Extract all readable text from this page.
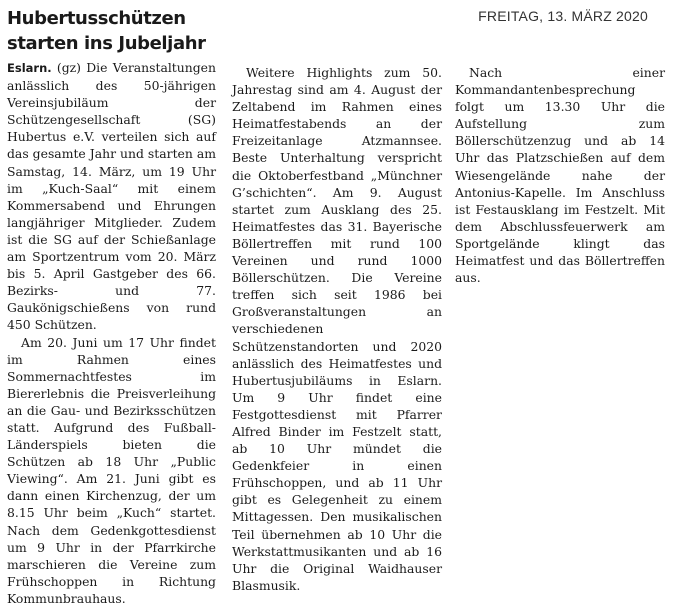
Hubertusschützen
starten ins Jubeljahr
FREITAG, 13. MÄRZ 2020

Eslarn. (gz) Die Veranstaltungen anlässlich des 50-jährigen Vereinsjubiläum der Schützengesellschaft (SG) Hubertus e.V. verteilen sich auf das gesamte Jahr und starten am Samstag, 14. März, um 19 Uhr im „Kuch-Saal“ mit einem Kommersabend und Ehrungen langjähriger Mitglieder. Zudem ist die SG auf der Schießanlage am Sportzentrum vom 20. März bis 5. April Gastgeber des 66. Bezirks- und 77. Gaukönigschießens von rund 450 Schützen.

Am 20. Juni um 17 Uhr findet im Rahmen eines Sommernachtfestes im Biererlebnis die Preisverleihung an die Gau- und Bezirksschützen statt. Aufgrund des Fußball-Länderspiels bieten die Schützen ab 18 Uhr „Public Viewing“. Am 21. Juni gibt es dann einen Kirchenzug, der um 8.15 Uhr beim „Kuch“ startet. Nach dem Gedenkgottesdienst um 9 Uhr in der Pfarrkirche marschieren die Vereine zum Frühschoppen in Richtung Kommunbrauhaus.

Weitere Highlights zum 50. Jahrestag sind am 4. August der Zeltabend im Rahmen eines Heimatfestabends an der Freizeitanlage Atzmannsee. Beste Unterhaltung verspricht die Oktoberfestband „Münchner G’schichten“. Am 9. August startet zum Ausklang des 25. Heimatfestes das 31. Bayerische Böllertreffen mit rund 100 Vereinen und rund 1000 Böllerschützen. Die Vereine treffen sich seit 1986 bei Großveranstaltungen an verschiedenen Schützenstandorten und 2020 anlässlich des Heimatfestes und Hubertusjubiläums in Eslarn. Um 9 Uhr findet eine Festgottesdienst mit Pfarrer Alfred Binder im Festzelt statt, ab 10 Uhr mündet die Gedenkfeier in einen Frühschoppen, und ab 11 Uhr gibt es Gelegenheit zu einem Mittagessen. Den musikalischen Teil übernehmen ab 10 Uhr die Werkstattmusikanten und ab 16 Uhr die Original Waidhauser Blasmusik.

Nach einer Kommandantenbesprechung folgt um 13.30 Uhr die Aufstellung zum Böllerschützenzug und ab 14 Uhr das Platzschießen auf dem Wiesengelände nahe der Antonius-Kapelle. Im Anschluss ist Festausklang im Festzelt. Mit dem Abschlussfeuerwerk am Sportgelände klingt das Heimatfest und das Böllertreffen aus.
